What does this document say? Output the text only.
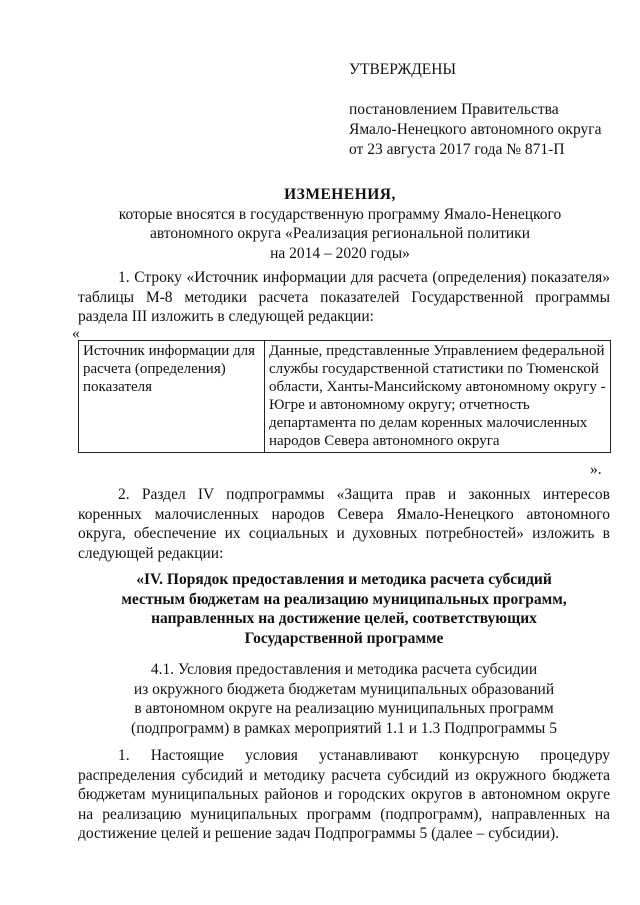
УТВЕРЖДЕНЫ
постановлением Правительства
Ямало-Ненецкого автономного округа
от 23 августа 2017 года № 871-П
ИЗМЕНЕНИЯ,
которые вносятся в государственную программу Ямало-Ненецкого
автономного округа «Реализация региональной политики
на 2014 – 2020 годы»
1. Строку «Источник информации для расчета (определения) показателя» таблицы М-8 методики расчета показателей Государственной программы раздела III изложить в следующей редакции:
«
Источник информации для расчета (определения) показателя	Данные, представленные Управлением федеральной службы государственной статистики по Тюменской области, Ханты-Мансийскому автономному округу - Югре и автономному округу; отчетность департамента по делам коренных малочисленных народов Севера автономного округа
».
2. Раздел IV подпрограммы «Защита прав и законных интересов коренных малочисленных народов Севера Ямало-Ненецкого автономного округа, обеспечение их социальных и духовных потребностей» изложить в следующей редакции:
«IV. Порядок предоставления и методика расчета субсидий
местным бюджетам на реализацию муниципальных программ,
направленных на достижение целей, соответствующих
Государственной программе
4.1. Условия предоставления и методика расчета субсидии
из окружного бюджета бюджетам муниципальных образований
в автономном округе на реализацию муниципальных программ
(подпрограмм) в рамках мероприятий 1.1 и 1.3 Подпрограммы 5
1. Настоящие условия устанавливают конкурсную процедуру распределения субсидий и методику расчета субсидий из окружного бюджета бюджетам муниципальных районов и городских округов в автономном округе на реализацию муниципальных программ (подпрограмм), направленных на достижение целей и решение задач Подпрограммы 5 (далее – субсидии).
